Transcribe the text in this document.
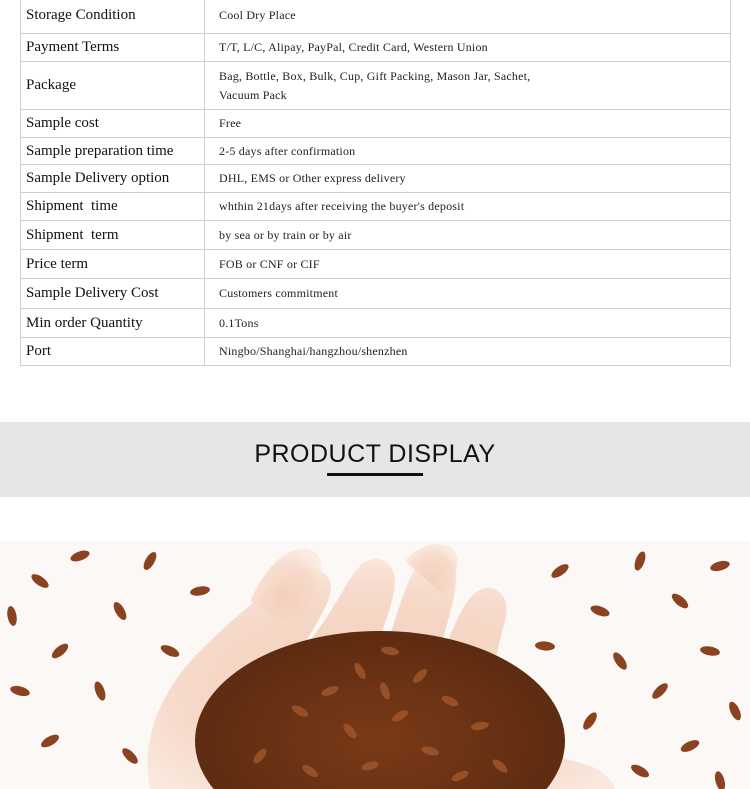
Storage Condition	Cool Dry Place
Payment Terms	T/T, L/C, Alipay, PayPal, Credit Card, Western Union
Package	Bag, Bottle, Box, Bulk, Cup, Gift Packing, Mason Jar, Sachet,
Vacuum Pack
Sample cost	Free
Sample preparation time	2-5 days after confirmation
Sample Delivery option	DHL, EMS or Other express delivery
Shipment  time	whthin 21days after receiving the buyer's deposit
Shipment  term	by sea or by train or by air
Price term	FOB or CNF or CIF
Sample Delivery Cost	Customers commitment
Min order Quantity	0.1Tons
Port	Ningbo/Shanghai/hangzhou/shenzhen
PRODUCT DISPLAY
